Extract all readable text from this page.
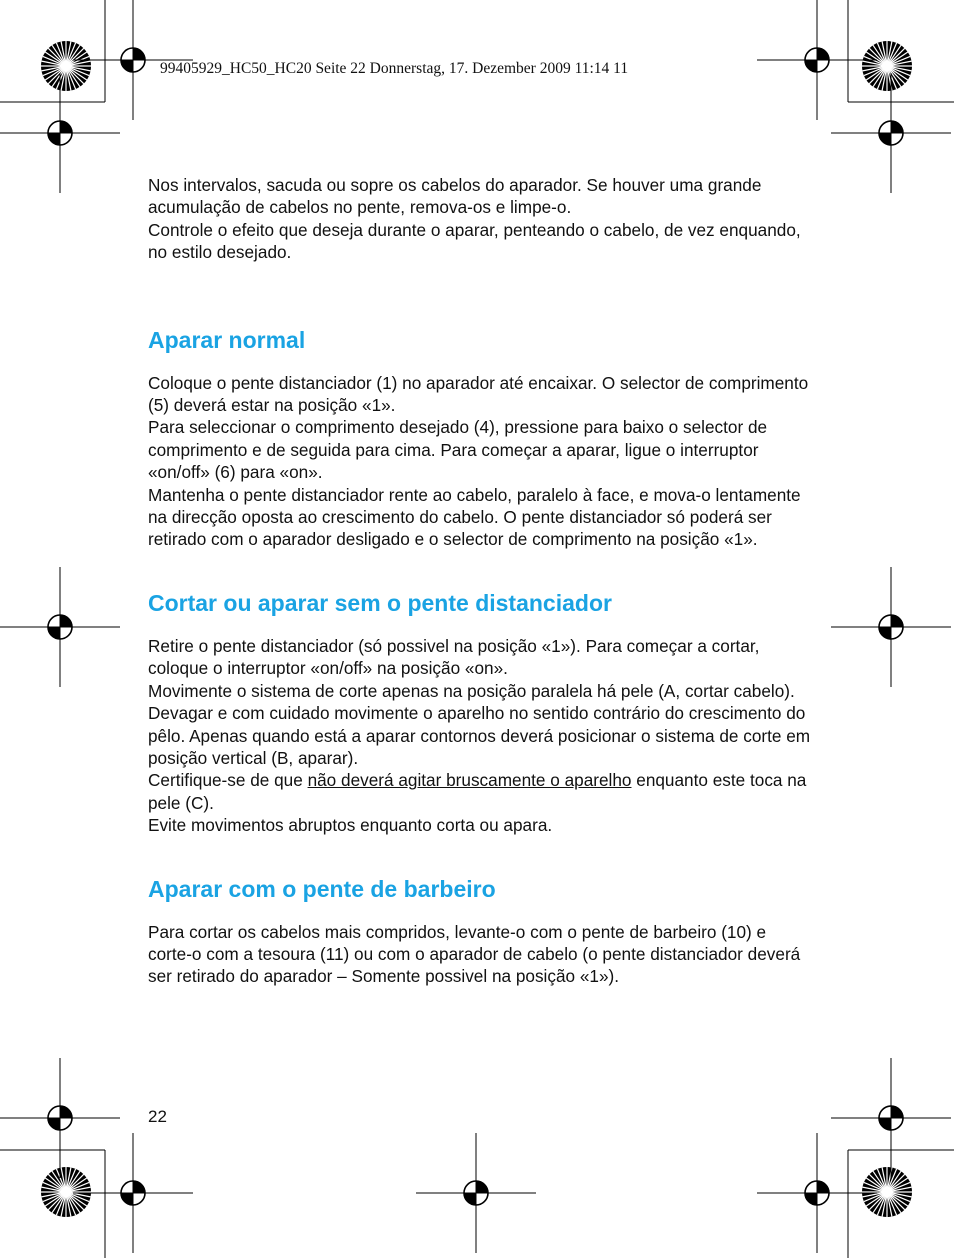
99405929_HC50_HC20 Seite 22 Donnerstag, 17. Dezember 2009 11:14 11

Nos intervalos, sacuda ou sopre os cabelos do aparador. Se houver uma grande acumulação de cabelos no pente, remova-os e limpe-o.

Controle o efeito que deseja durante o aparar, penteando o cabelo, de vez enquando, no estilo desejado.

Aparar normal

Coloque o pente distanciador (1) no aparador até encaixar. O selector de comprimento (5) deverá estar na posição «1».

Para seleccionar o comprimento desejado (4), pressione para baixo o selector de comprimento e de seguida para cima. Para começar a aparar, ligue o interruptor «on/off» (6) para «on».

Mantenha o pente distanciador rente ao cabelo, paralelo à face, e mova-o lentamente na direcção oposta ao crescimento do cabelo. O pente distanciador só poderá ser retirado com o aparador desligado e o selector de comprimento na posição «1».

Cortar ou aparar sem o pente distanciador

Retire o pente distanciador (só possivel na posição «1»). Para começar a cortar, coloque o interruptor «on/off» na posição «on».

Movimente o sistema de corte apenas na posição paralela há pele (A, cortar cabelo). Devagar e com cuidado movimente o aparelho no sentido contrário do crescimento do pêlo. Apenas quando está a aparar contornos deverá posicionar o sistema de corte em posição vertical (B, aparar).

Certifique-se de que não deverá agitar bruscamente o aparelho enquanto este toca na pele (C).

Evite movimentos abruptos enquanto corta ou apara.

Aparar com o pente de barbeiro

Para cortar os cabelos mais compridos, levante-o com o pente de barbeiro (10) e corte-o com a tesoura (11) ou com o aparador de cabelo (o pente distanciador deverá ser retirado do aparador – Somente possivel na posição «1»).

22
